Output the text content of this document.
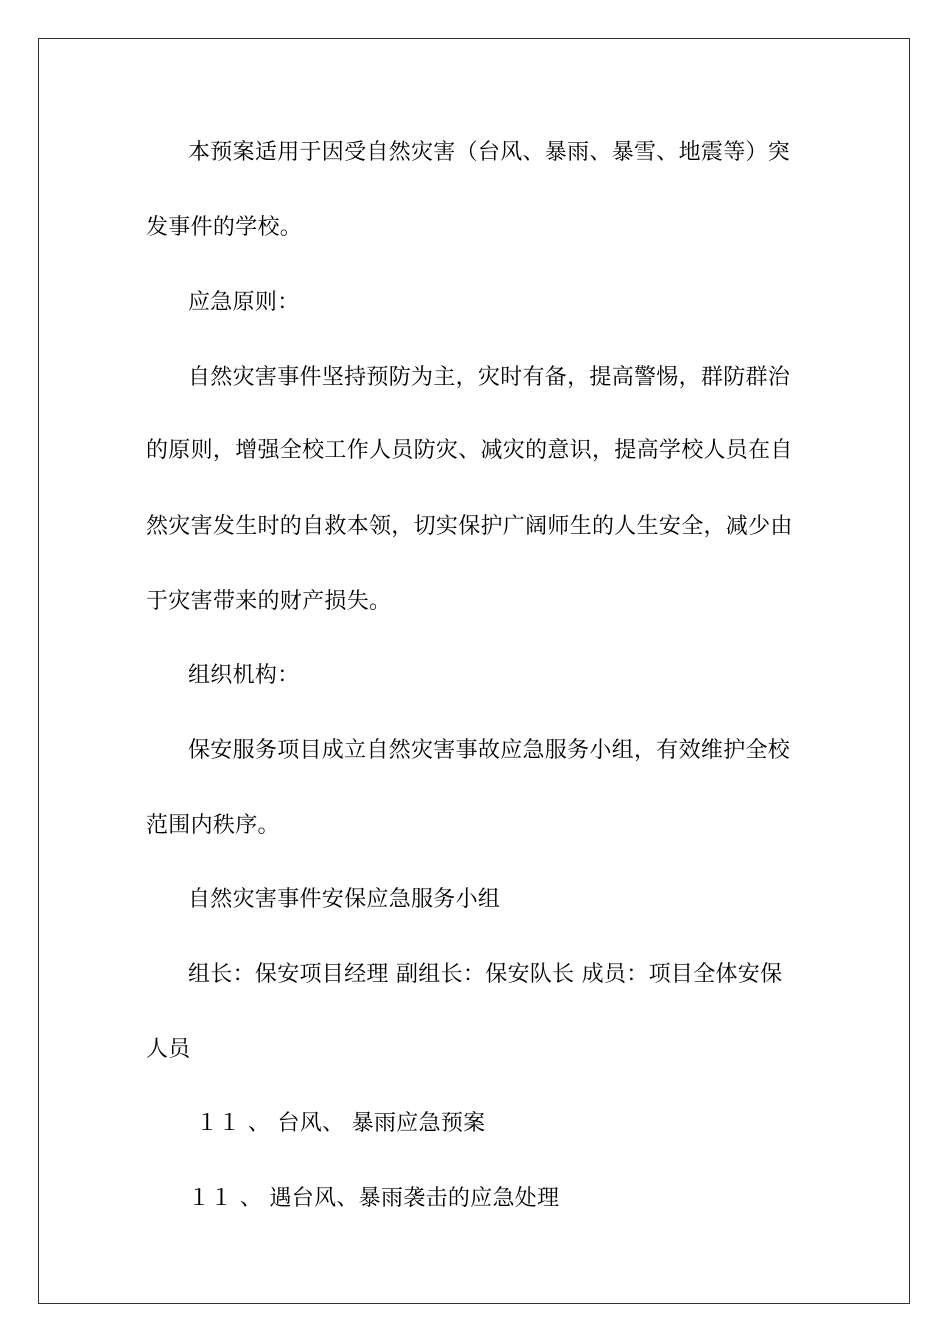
本预案适用于因受自然灾害（台风、暴雨、暴雪、地震等）突
发事件的学校。
应急原则：
自然灾害事件坚持预防为主，灾时有备，提高警惕，群防群治
的原则，增强全校工作人员防灾、减灾的意识，提高学校人员在自
然灾害发生时的自救本领，切实保护广阔师生的人生安全，减少由
于灾害带来的财产损失。
组织机构：
保安服务项目成立自然灾害事故应急服务小组，有效维护全校
范围内秩序。
自然灾害事件安保应急服务小组
组长：保安项目经理 副组长：保安队长 成员：项目全体安保
人员
１１ 、 台风、 暴雨应急预案
１１ 、 遇台风、暴雨袭击的应急处理
